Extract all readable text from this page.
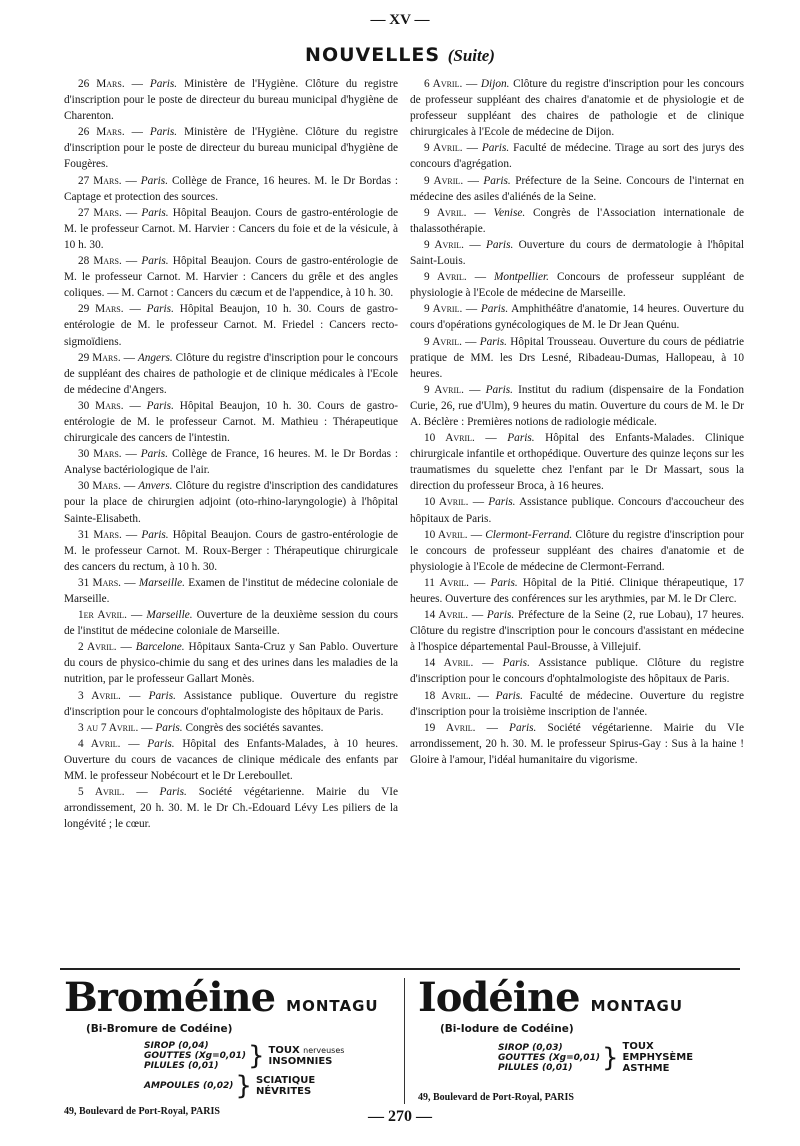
— XV —
NOUVELLES (Suite)

26 Mars. — Paris. Ministère de l'Hygiène. Clôture du registre d'inscription pour le poste de directeur du bureau municipal d'hygiène de Charenton.

26 Mars. — Paris. Ministère de l'Hygiène. Clôture du registre d'inscription pour le poste de directeur du bureau municipal d'hygiène de Fougères.

27 Mars. — Paris. Collège de France, 16 heures. M. le Dr Bordas : Captage et protection des sources.

27 Mars. — Paris. Hôpital Beaujon. Cours de gastro-entérologie de M. le professeur Carnot. M. Harvier : Cancers du foie et de la vésicule, à 10 h. 30.

28 Mars. — Paris. Hôpital Beaujon. Cours de gastro-entérologie de M. le professeur Carnot. M. Harvier : Cancers du grêle et des angles coliques. — M. Carnot : Cancers du cæcum et de l'appendice, à 10 h. 30.

29 Mars. — Paris. Hôpital Beaujon, 10 h. 30. Cours de gastro-entérologie de M. le professeur Carnot. M. Friedel : Cancers recto-sigmoïdiens.

29 Mars. — Angers. Clôture du registre d'inscription pour le concours de suppléant des chaires de pathologie et de clinique médicales à l'Ecole de médecine d'Angers.

30 Mars. — Paris. Hôpital Beaujon, 10 h. 30. Cours de gastro-entérologie de M. le professeur Carnot. M. Mathieu : Thérapeutique chirurgicale des cancers de l'intestin.

30 Mars. — Paris. Collège de France, 16 heures. M. le Dr Bordas : Analyse bactériologique de l'air.

30 Mars. — Anvers. Clôture du registre d'inscription des candidatures pour la place de chirurgien adjoint (oto-rhino-laryngologie) à l'hôpital Sainte-Elisabeth.

31 Mars. — Paris. Hôpital Beaujon. Cours de gastro-entérologie de M. le professeur Carnot. M. Roux-Berger : Thérapeutique chirurgicale des cancers du rectum, à 10 h. 30.

31 Mars. — Marseille. Examen de l'institut de médecine coloniale de Marseille.

1er Avril. — Marseille. Ouverture de la deuxième session du cours de l'institut de médecine coloniale de Marseille.

2 Avril. — Barcelone. Hôpitaux Santa-Cruz y San Pablo. Ouverture du cours de physico-chimie du sang et des urines dans les maladies de la nutrition, par le professeur Gallart Monès.

3 Avril. — Paris. Assistance publique. Ouverture du registre d'inscription pour le concours d'ophtalmologiste des hôpitaux de Paris.

3 au 7 Avril. — Paris. Congrès des sociétés savantes.

4 Avril. — Paris. Hôpital des Enfants-Malades, à 10 heures. Ouverture du cours de vacances de clinique médicale des enfants par MM. le professeur Nobécourt et le Dr Lereboullet.

5 Avril. — Paris. Société végétarienne. Mairie du VIe arrondissement, 20 h. 30. M. le Dr Ch.-Edouard Lévy Les piliers de la longévité ; le cœur.

6 Avril. — Dijon. Clôture du registre d'inscription pour les concours de professeur suppléant des chaires d'anatomie et de physiologie et de professeur suppléant des chaires de pathologie et de clinique chirurgicales à l'Ecole de médecine de Dijon.

9 Avril. — Paris. Faculté de médecine. Tirage au sort des jurys des concours d'agrégation.

9 Avril. — Paris. Préfecture de la Seine. Concours de l'internat en médecine des asiles d'aliénés de la Seine.

9 Avril. — Venise. Congrès de l'Association internationale de thalassothérapie.

9 Avril. — Paris. Ouverture du cours de dermatologie à l'hôpital Saint-Louis.

9 Avril. — Montpellier. Concours de professeur suppléant de physiologie à l'Ecole de médecine de Marseille.

9 Avril. — Paris. Amphithéâtre d'anatomie, 14 heures. Ouverture du cours d'opérations gynécologiques de M. le Dr Jean Quénu.

9 Avril. — Paris. Hôpital Trousseau. Ouverture du cours de pédiatrie pratique de MM. les Drs Lesné, Ribadeau-Dumas, Hallopeau, à 10 heures.

9 Avril. — Paris. Institut du radium (dispensaire de la Fondation Curie, 26, rue d'Ulm), 9 heures du matin. Ouverture du cours de M. le Dr A. Béclère : Premières notions de radiologie médicale.

10 Avril. — Paris. Hôpital des Enfants-Malades. Clinique chirurgicale infantile et orthopédique. Ouverture des quinze leçons sur les traumatismes du squelette chez l'enfant par le Dr Massart, sous la direction du professeur Broca, à 16 heures.

10 Avril. — Paris. Assistance publique. Concours d'accoucheur des hôpitaux de Paris.

10 Avril. — Clermont-Ferrand. Clôture du registre d'inscription pour le concours de professeur suppléant des chaires d'anatomie et de physiologie à l'Ecole de médecine de Clermont-Ferrand.

11 Avril. — Paris. Hôpital de la Pitié. Clinique thérapeutique, 17 heures. Ouverture des conférences sur les arythmies, par M. le Dr Clerc.

14 Avril. — Paris. Préfecture de la Seine (2, rue Lobau), 17 heures. Clôture du registre d'inscription pour le concours d'assistant en médecine à l'hospice départemental Paul-Brousse, à Villejuif.

14 Avril. — Paris. Assistance publique. Clôture du registre d'inscription pour le concours d'ophtalmologiste des hôpitaux de Paris.

18 Avril. — Paris. Faculté de médecine. Ouverture du registre d'inscription pour la troisième inscription de l'année.

19 Avril. — Paris. Société végétarienne. Mairie du VIe arrondissement, 20 h. 30. M. le professeur Spirus-Gay : Sus à la haine ! Gloire à l'amour, l'idéal humanitaire du vigorisme.

Broméine MONTAGU
(Bi-Bromure de Codéine)
SIROP (0,04)
GOUTTES (Xg=0,01)
PILULES (0,01)	} TOUX nerveuses
INSOMNIES
AMPOULES (0,02) } SCIATIQUE
NÉVRITES
49, Boulevard de Port-Royal, PARIS
Iodéine MONTAGU
(Bi-Iodure de Codéine)
SIROP (0,03)
GOUTTES (Xg=0,01)
PILULES (0,01)	} TOUX
EMPHYSÈME
ASTHME
49, Boulevard de Port-Royal, PARIS
— 270 —
